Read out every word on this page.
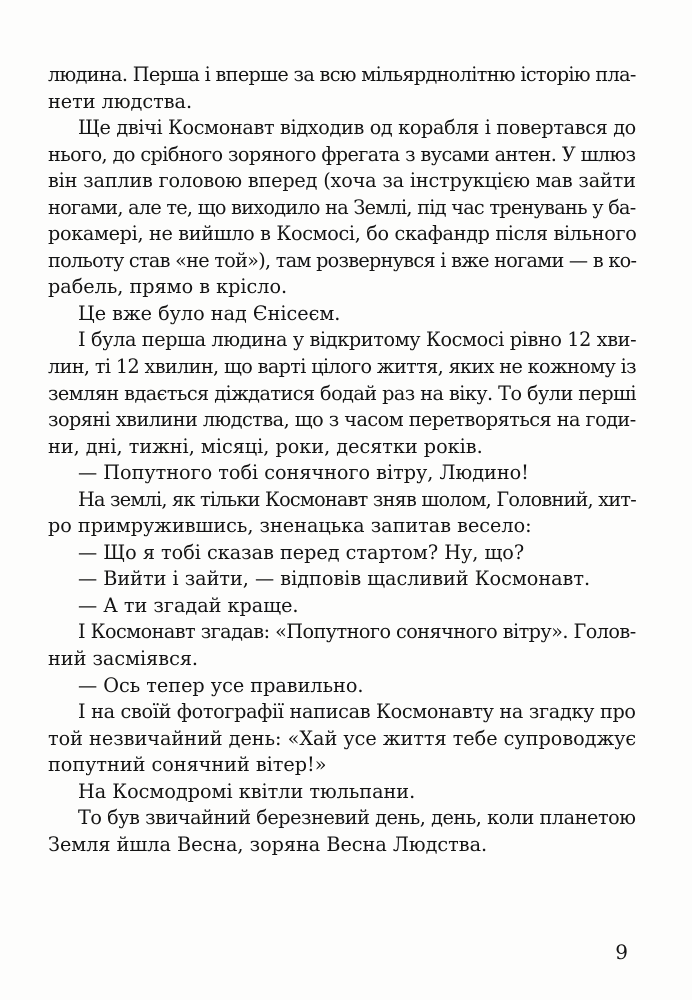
людина. Перша і вперше за всю мільярднолітню історію пла-
нети людства.
Ще двічі Космонавт відходив од корабля і повертався до
нього, до срібного зоряного фрегата з вусами антен. У шлюз
він заплив головою вперед (хоча за інструкцією мав зайти
ногами, але те, що виходило на Землі, під час тренувань у ба-
рокамері, не вийшло в Космосі, бо скафандр після вільного
польоту став «не той»), там розвернувся і вже ногами — в ко-
рабель, прямо в крісло.
Це вже було над Єнісеєм.
І була перша людина у відкритому Космосі рівно 12 хви-
лин, ті 12 хвилин, що варті цілого життя, яких не кожному із
землян вдається діждатися бодай раз на віку. То були перші
зоряні хвилини людства, що з часом перетворяться на годи-
ни, дні, тижні, місяці, роки, десятки років.
— Попутного тобі сонячного вітру, Людино!
На землі, як тільки Космонавт зняв шолом, Головний, хит-
ро примружившись, зненацька запитав весело:
— Що я тобі сказав перед стартом? Ну, що?
— Вийти і зайти, — відповів щасливий Космонавт.
— А ти згадай краще.
І Космонавт згадав: «Попутного сонячного вітру». Голов-
ний засміявся.
— Ось тепер усе правильно.
І на своїй фотографії написав Космонавту на згадку про
той незвичайний день: «Хай усе життя тебе супроводжує
попутний сонячний вітер!»
На Космодромі квітли тюльпани.
То був звичайний березневий день, день, коли планетою
Земля йшла Весна, зоряна Весна Людства.
9
